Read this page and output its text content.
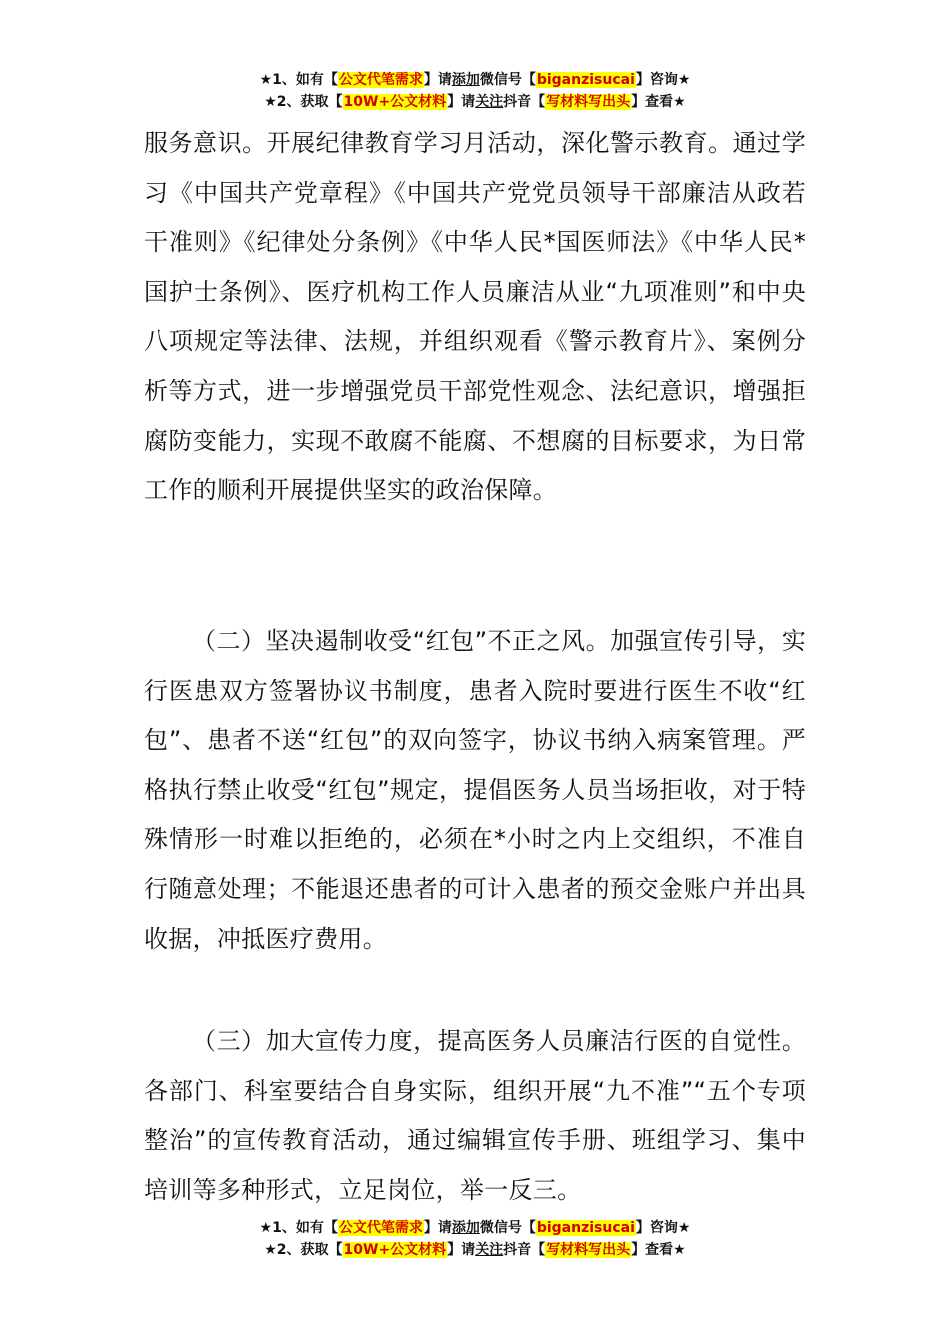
★1、如有【公文代笔需求】请添加微信号【biganzisucai】咨询★
★2、获取【10W+公文材料】请关注抖音【写材料写出头】查看★

服务意识。开展纪律教育学习月活动，深化警示教育。通过学习《中国共产党章程》《中国共产党党员领导干部廉洁从政若干准则》《纪律处分条例》《中华人民*国医师法》《中华人民*国护士条例》、医疗机构工作人员廉洁从业“九项准则”和中央八项规定等法律、法规，并组织观看《警示教育片》、案例分析等方式，进一步增强党员干部党性观念、法纪意识，增强拒腐防变能力，实现不敢腐不能腐、不想腐的目标要求，为日常工作的顺利开展提供坚实的政治保障。

（二）坚决遏制收受“红包”不正之风。加强宣传引导，实行医患双方签署协议书制度，患者入院时要进行医生不收“红包”、患者不送“红包”的双向签字，协议书纳入病案管理。严格执行禁止收受“红包”规定，提倡医务人员当场拒收，对于特殊情形一时难以拒绝的，必须在*小时之内上交组织，不准自行随意处理；不能退还患者的可计入患者的预交金账户并出具收据，冲抵医疗费用。

（三）加大宣传力度，提高医务人员廉洁行医的自觉性。各部门、科室要结合自身实际，组织开展“九不准”“五个专项整治”的宣传教育活动，通过编辑宣传手册、班组学习、集中培训等多种形式，立足岗位，举一反三。

★1、如有【公文代笔需求】请添加微信号【biganzisucai】咨询★
★2、获取【10W+公文材料】请关注抖音【写材料写出头】查看★
